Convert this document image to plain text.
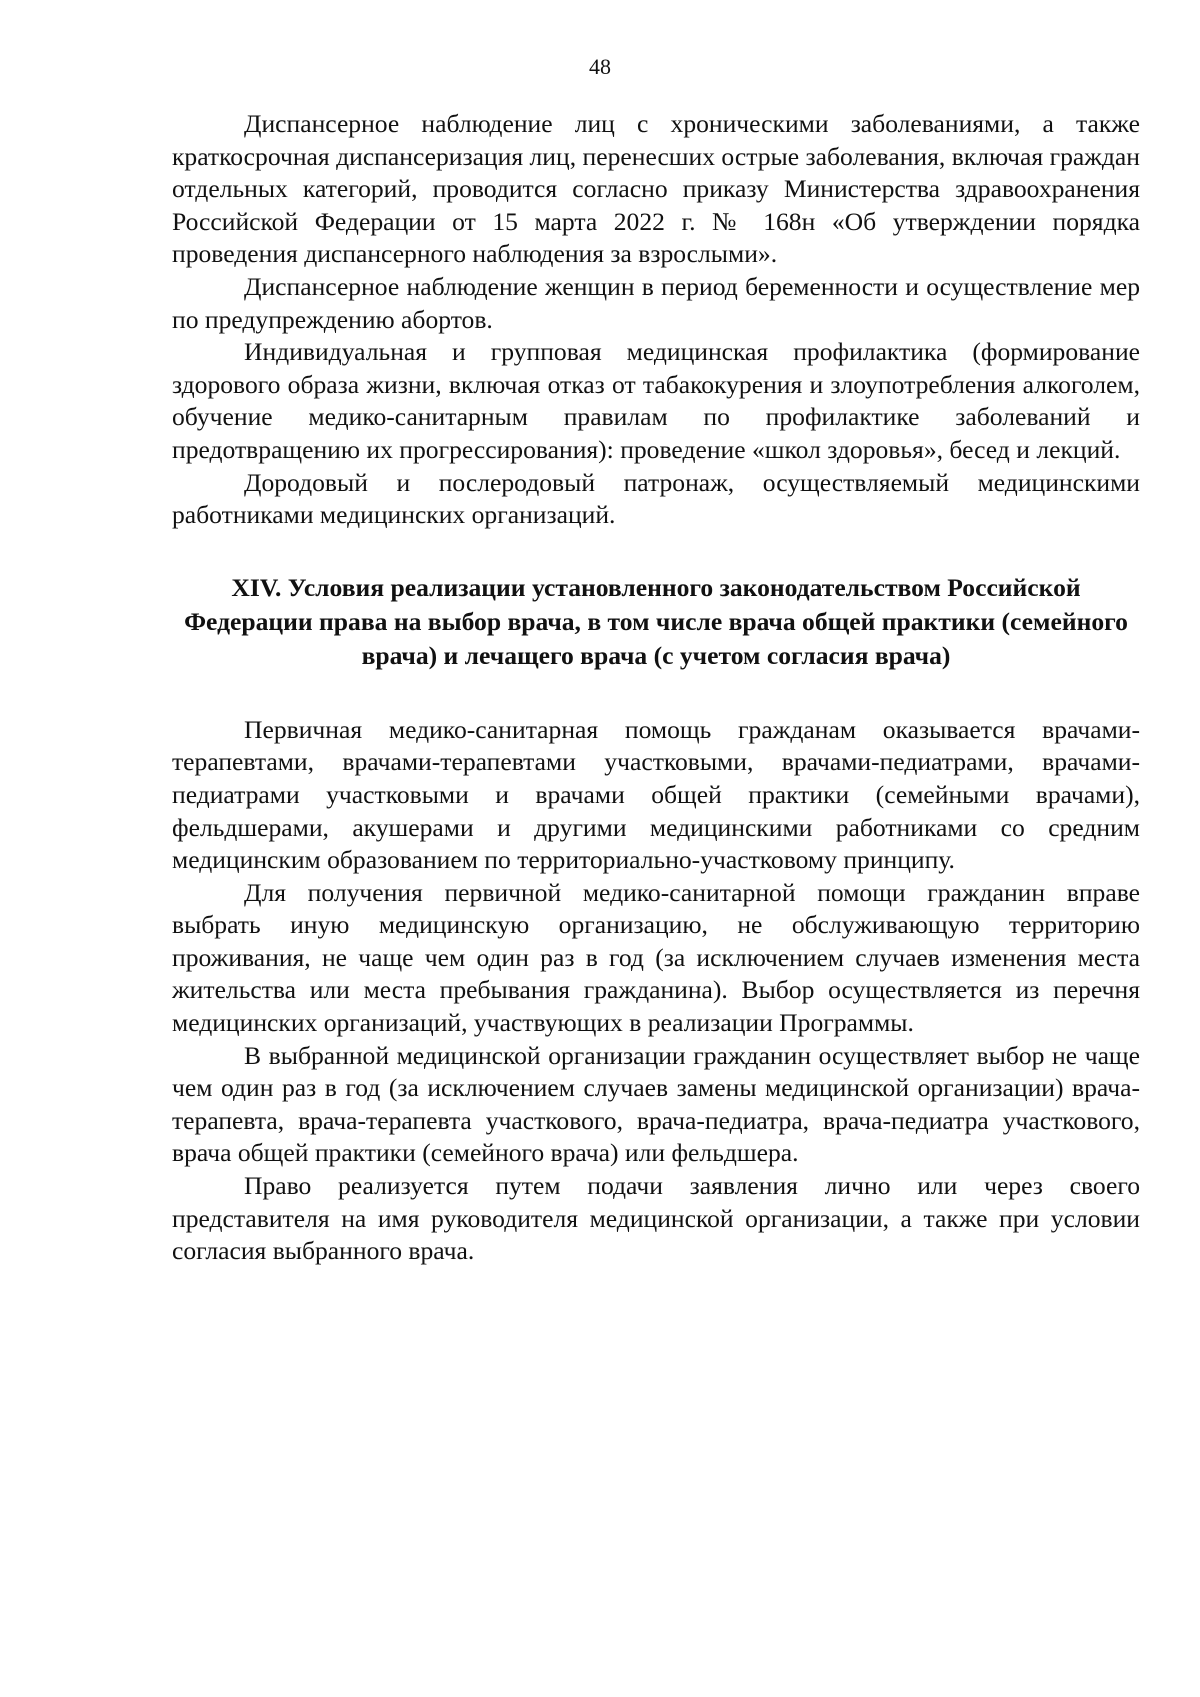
48

Диспансерное наблюдение лиц с хроническими заболеваниями, а также краткосрочная диспансеризация лиц, перенесших острые заболевания, включая граждан отдельных категорий, проводится согласно приказу Министерства здравоохранения Российской Федерации от 15 марта 2022 г. № 168н «Об утверждении порядка проведения диспансерного наблюдения за взрослыми».

Диспансерное наблюдение женщин в период беременности и осуществление мер по предупреждению абортов.

Индивидуальная и групповая медицинская профилактика (формирование здорового образа жизни, включая отказ от табакокурения и злоупотребления алкоголем, обучение медико-санитарным правилам по профилактике заболеваний и предотвращению их прогрессирования): проведение «школ здоровья», бесед и лекций.

Дородовый и послеродовый патронаж, осуществляемый медицинскими работниками медицинских организаций.

XIV. Условия реализации установленного законодательством Российской Федерации права на выбор врача, в том числе врача общей практики (семейного врача) и лечащего врача (с учетом согласия врача)

Первичная медико-санитарная помощь гражданам оказывается врачами-терапевтами, врачами-терапевтами участковыми, врачами-педиатрами, врачами-педиатрами участковыми и врачами общей практики (семейными врачами), фельдшерами, акушерами и другими медицинскими работниками со средним медицинским образованием по территориально-участковому принципу.

Для получения первичной медико-санитарной помощи гражданин вправе выбрать иную медицинскую организацию, не обслуживающую территорию проживания, не чаще чем один раз в год (за исключением случаев изменения места жительства или места пребывания гражданина). Выбор осуществляется из перечня медицинских организаций, участвующих в реализации Программы.

В выбранной медицинской организации гражданин осуществляет выбор не чаще чем один раз в год (за исключением случаев замены медицинской организации) врача-терапевта, врача-терапевта участкового, врача-педиатра, врача-педиатра участкового, врача общей практики (семейного врача) или фельдшера.

Право реализуется путем подачи заявления лично или через своего представителя на имя руководителя медицинской организации, а также при условии согласия выбранного врача.
